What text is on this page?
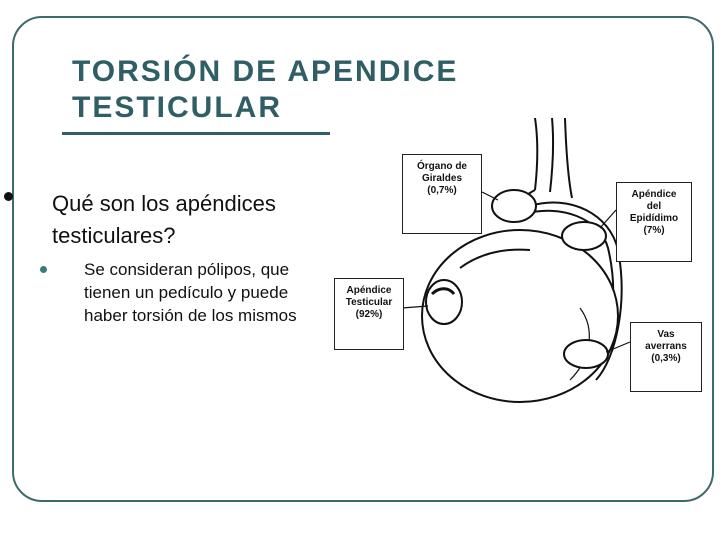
TORSIÓN DE APENDICE
TESTICULAR
Qué son los apéndices testiculares?
Se consideran pólipos, que tienen un pedículo y puede haber torsión de los mismos
Órgano de
Giraldes
(0,7%)	Apéndice
del
Epidídimo
(7%)
Apéndice
Testicular
(92%)
Vas
averrans
(0,3%)
